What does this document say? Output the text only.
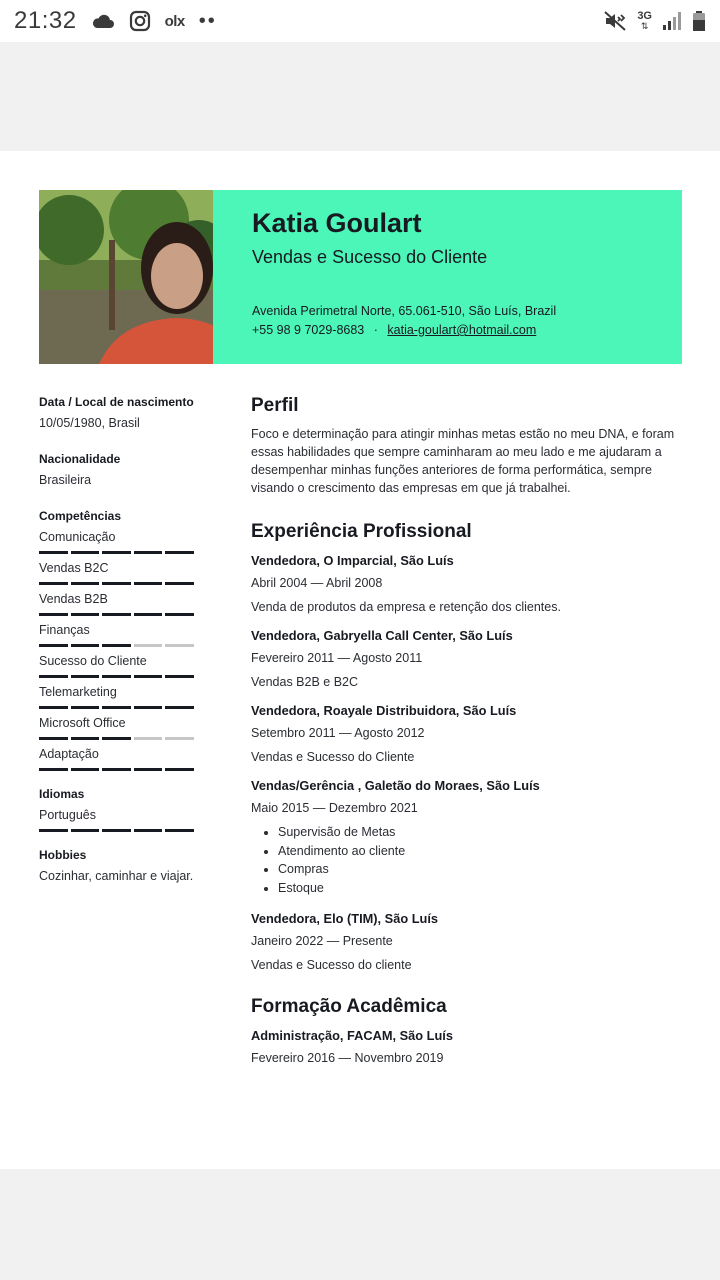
21:32	olx ••	3G
⇅
Katia Goulart
Vendas e Sucesso do Cliente
Avenida Perimetral Norte, 65.061-510, São Luís, Brazil
+55 98 9 7029-8683 · katia-goulart@hotmail.com
Data / Local de nascimento
10/05/1980, Brasil
Nacionalidade
Brasileira
Competências
Comunicação
Vendas B2C
Vendas B2B
Finanças
Sucesso do Cliente
Telemarketing
Microsoft Office
Adaptação
Idiomas
Português
Hobbies
Cozinhar, caminhar e viajar.
Perfil
Foco e determinação para atingir minhas metas estão no meu DNA, e foram essas habilidades que sempre caminharam ao meu lado e me ajudaram a desempenhar minhas funções anteriores de forma performática, sempre visando o crescimento das empresas em que já trabalhei.
Experiência Profissional
Vendedora, O Imparcial, São Luís
Abril 2004 — Abril 2008
Venda de produtos da empresa e retenção dos clientes.
Vendedora, Gabryella Call Center, São Luís
Fevereiro 2011 — Agosto 2011
Vendas B2B e B2C
Vendedora, Roayale Distribuidora, São Luís
Setembro 2011 — Agosto 2012
Vendas e Sucesso do Cliente
Vendas/Gerência , Galetão do Moraes, São Luís
Maio 2015 — Dezembro 2021
• Supervisão de Metas
• Atendimento ao cliente
• Compras
• Estoque
Vendedora, Elo (TIM), São Luís
Janeiro 2022 — Presente
Vendas e Sucesso do cliente
Formação Acadêmica
Administração, FACAM, São Luís
Fevereiro 2016 — Novembro 2019
